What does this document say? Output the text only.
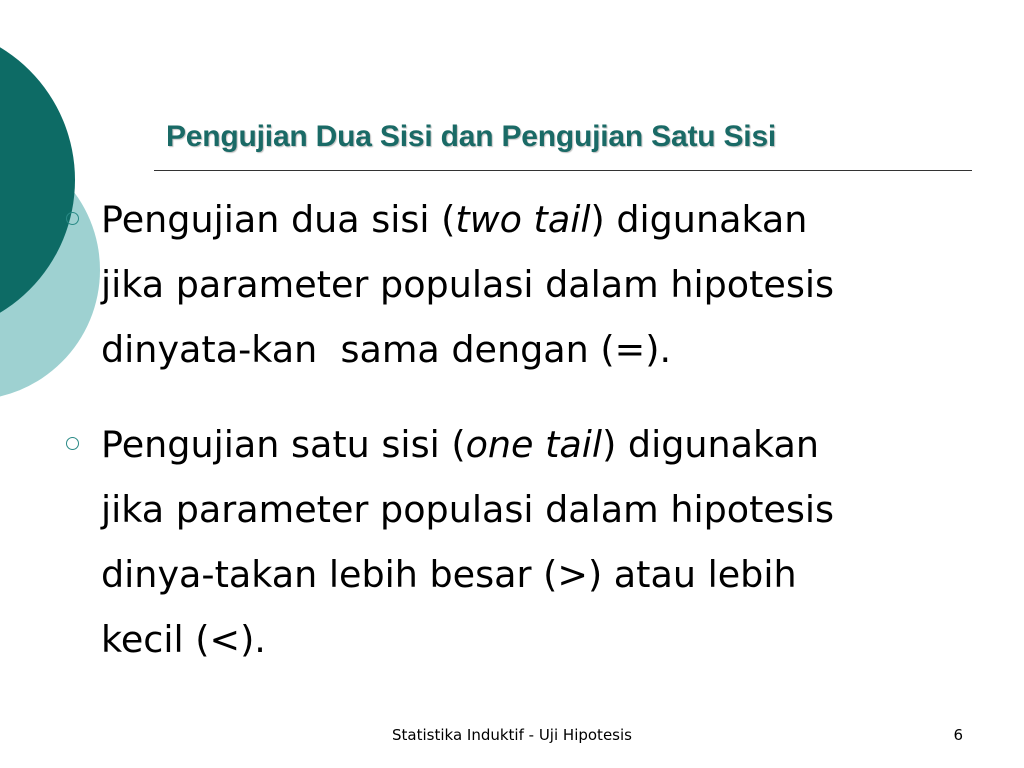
Pengujian Dua Sisi dan Pengujian Satu Sisi
Pengujian dua sisi (two tail) digunakan
jika parameter populasi dalam hipotesis
dinyata-kan  sama dengan (=).
Pengujian satu sisi (one tail) digunakan
jika parameter populasi dalam hipotesis
dinya-takan lebih besar (>) atau lebih
kecil (<).
Statistika Induktif - Uji Hipotesis	6
